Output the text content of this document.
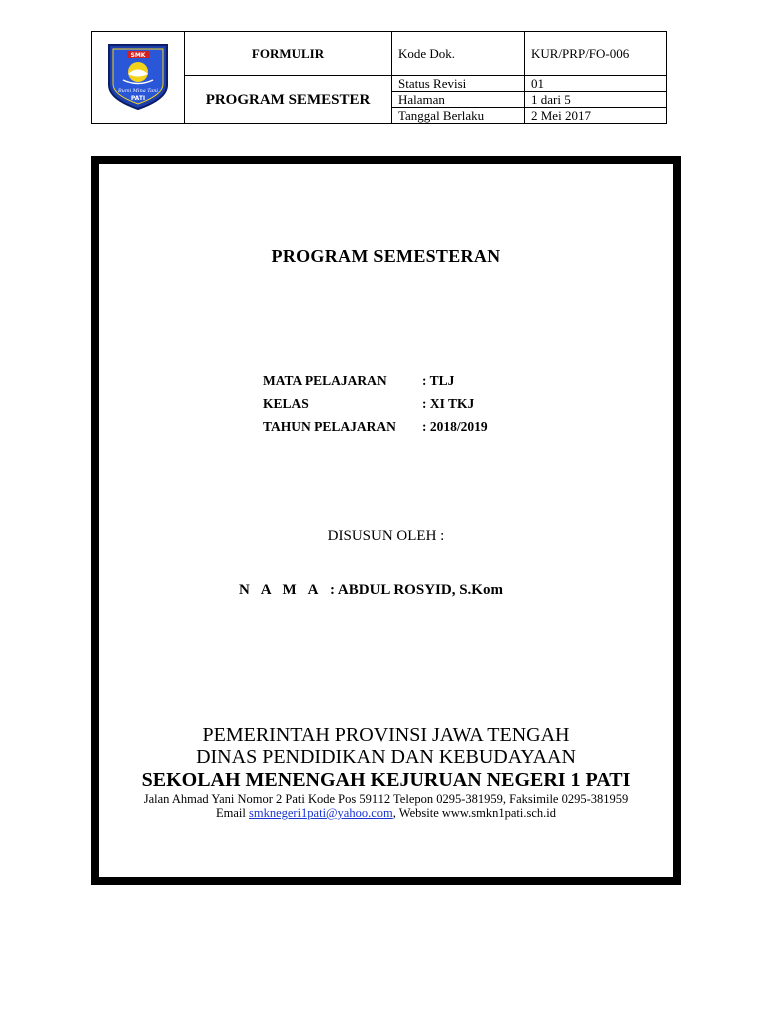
SMK
Bumi Mina Tani
PATI	FORMULIR	Kode Dok.	KUR/PRP/FO-006
	PROGRAM SEMESTER	Status Revisi	01
		Halaman	1 dari 5
		Tanggal Berlaku	2 Mei 2017
PROGRAM SEMESTERAN
MATA PELAJARAN	: TLJ
KELAS	: XI TKJ
TAHUN PELAJARAN	: 2018/2019
DISUSUN OLEH :
N A M A : ABDUL ROSYID, S.Kom
PEMERINTAH PROVINSI JAWA TENGAH
DINAS PENDIDIKAN DAN KEBUDAYAAN
SEKOLAH MENENGAH KEJURUAN NEGERI 1 PATI
Jalan Ahmad Yani Nomor 2 Pati Kode Pos 59112 Telepon 0295-381959, Faksimile 0295-381959
Email smknegeri1pati@yahoo.com, Website www.smkn1pati.sch.id
